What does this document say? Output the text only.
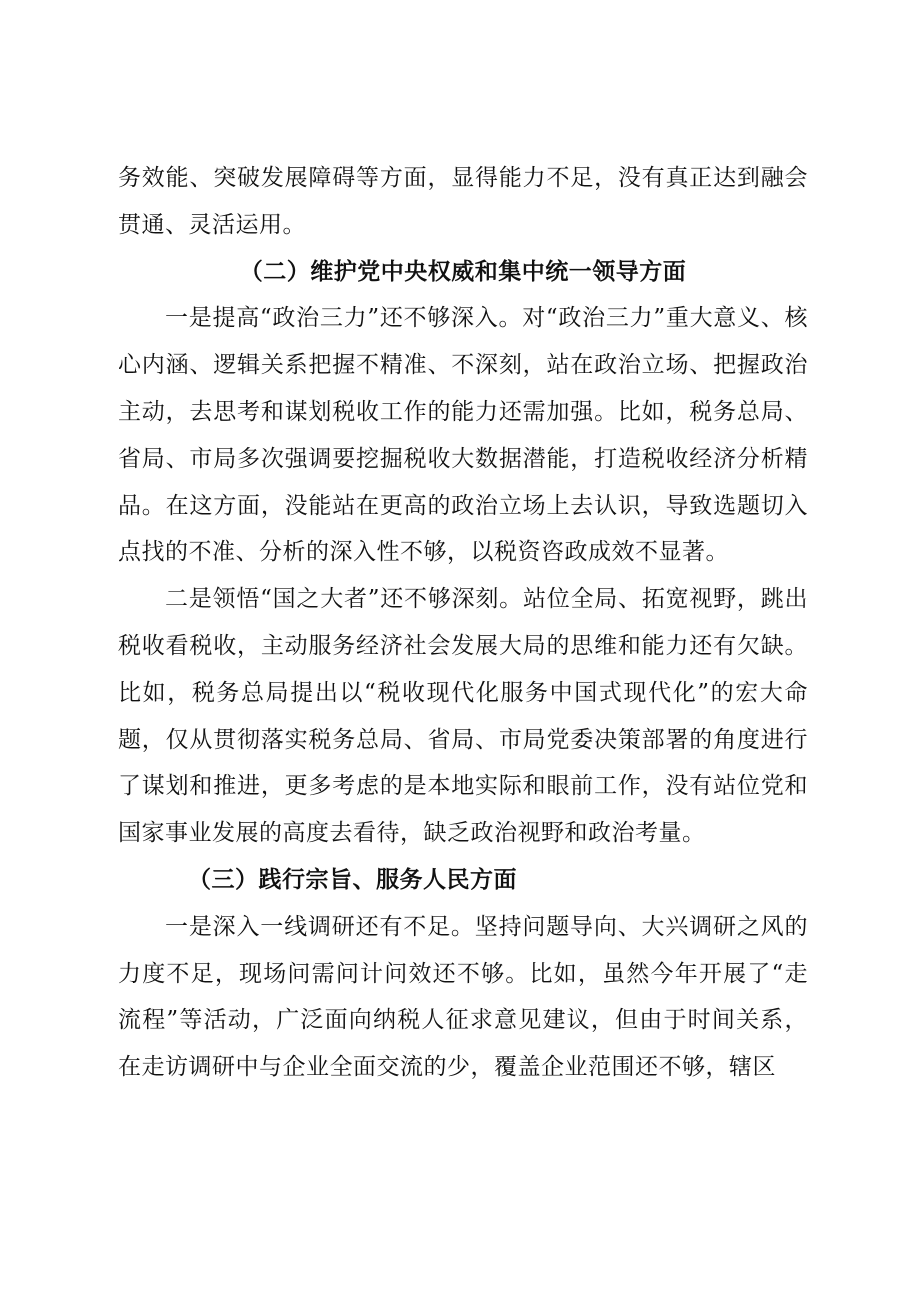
务效能、突破发展障碍等方面，显得能力不足，没有真正达到融会贯通、灵活运用。

（二）维护党中央权威和集中统一领导方面

一是提高“政治三力”还不够深入。对“政治三力”重大意义、核心内涵、逻辑关系把握不精准、不深刻，站在政治立场、把握政治主动，去思考和谋划税收工作的能力还需加强。比如，税务总局、省局、市局多次强调要挖掘税收大数据潜能，打造税收经济分析精品。在这方面，没能站在更高的政治立场上去认识，导致选题切入点找的不准、分析的深入性不够，以税资咨政成效不显著。

二是领悟“国之大者”还不够深刻。站位全局、拓宽视野，跳出税收看税收，主动服务经济社会发展大局的思维和能力还有欠缺。比如，税务总局提出以“税收现代化服务中国式现代化”的宏大命题，仅从贯彻落实税务总局、省局、市局党委决策部署的角度进行了谋划和推进，更多考虑的是本地实际和眼前工作，没有站位党和国家事业发展的高度去看待，缺乏政治视野和政治考量。

（三）践行宗旨、服务人民方面

一是深入一线调研还有不足。坚持问题导向、大兴调研之风的力度不足，现场问需问计问效还不够。比如，虽然今年开展了“走流程”等活动，广泛面向纳税人征求意见建议，但由于时间关系，在走访调研中与企业全面交流的少，覆盖企业范围还不够，辖区
